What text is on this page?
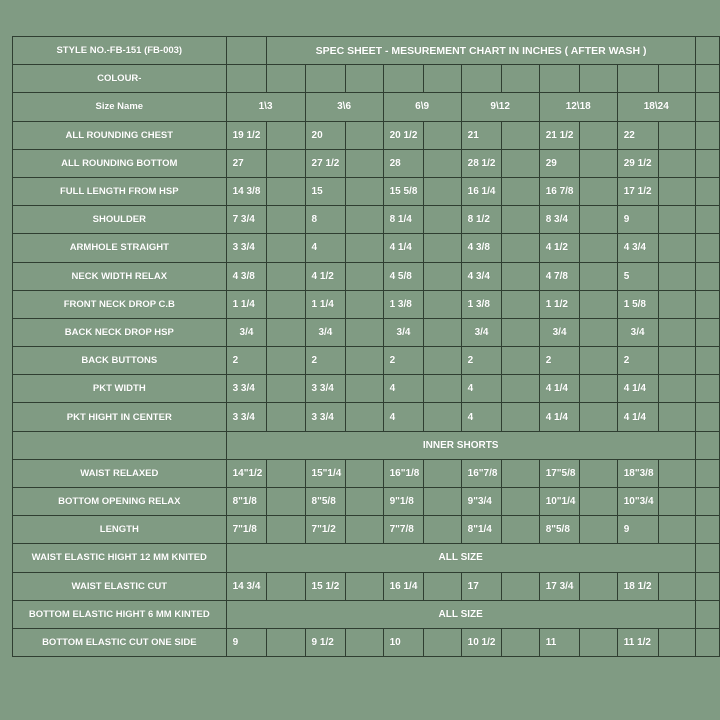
STYLE NO.-FB-151 (FB-003)		SPEC SHEET - MESUREMENT CHART IN INCHES ( AFTER WASH )											
COLOUR-													
Size Name	1\3		3\6		6\9		9\12		12\18		18\24		
ALL ROUNDING CHEST	19 1/2		20		20 1/2		21		21 1/2		22		
ALL ROUNDING BOTTOM	27		27 1/2		28		28 1/2		29		29 1/2		
FULL LENGTH FROM HSP	14 3/8		15		15 5/8		16 1/4		16 7/8		17 1/2		
SHOULDER	7 3/4		8		8 1/4		8 1/2		8 3/4		9		
ARMHOLE STRAIGHT	3 3/4		4		4 1/4		4 3/8		4 1/2		4 3/4		
NECK WIDTH RELAX	4 3/8		4 1/2		4 5/8		4 3/4		4 7/8		5		
FRONT NECK DROP C.B	1 1/4		1 1/4		1 3/8		1 3/8		1 1/2		1 5/8		
BACK NECK DROP HSP	3/4		3/4		3/4		3/4		3/4		3/4		
BACK BUTTONS	2		2		2		2		2		2		
PKT WIDTH	3 3/4		3 3/4		4		4		4 1/4		4 1/4		
PKT HIGHT IN CENTER	3 3/4		3 3/4		4		4		4 1/4		4 1/4		
	INNER SHORTS												
WAIST RELAXED	14"1/2		15"1/4		16"1/8		16"7/8		17"5/8		18"3/8		
BOTTOM OPENING RELAX	8"1/8		8"5/8		9"1/8		9"3/4		10"1/4		10"3/4		
LENGTH	7"1/8		7"1/2		7"7/8		8"1/4		8"5/8		9		
WAIST ELASTIC HIGHT 12 MM KNITED	ALL SIZE												
WAIST ELASTIC CUT	14 3/4		15 1/2		16 1/4		17		17 3/4		18 1/2		
BOTTOM ELASTIC HIGHT 6 MM KINTED	ALL SIZE												
BOTTOM ELASTIC CUT ONE SIDE	9		9 1/2		10		10 1/2		11		11 1/2		
